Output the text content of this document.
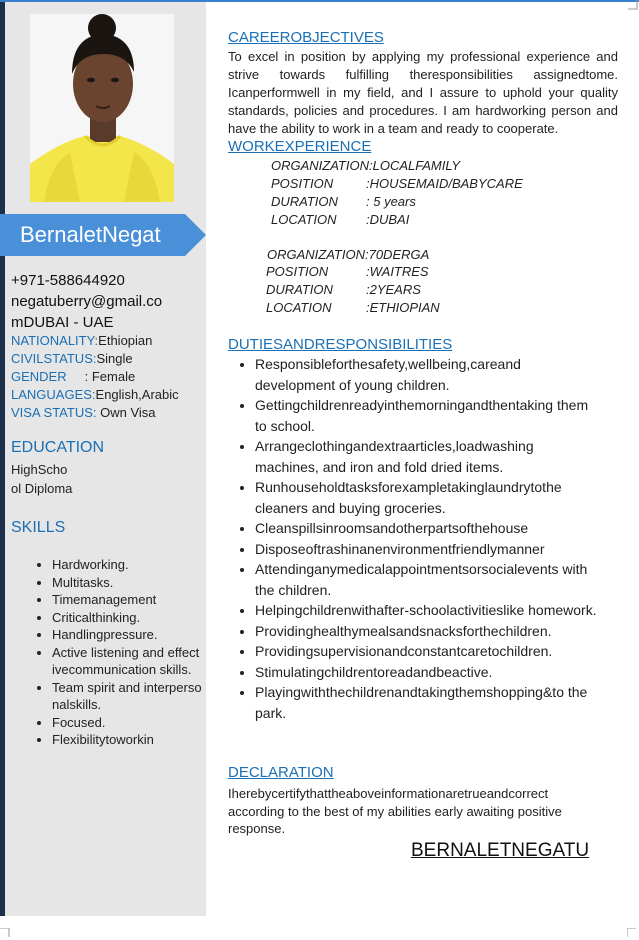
BernaletNegat
+971-588644920
negatuberry@gmail.co
mDUBAI - UAE
NATIONALITY:Ethiopian
CIVILSTATUS:Single
GENDER : Female
LANGUAGES:English,Arabic
VISA STATUS: Own Visa
EDUCATION
HighScho
ol Diploma
SKILLS
• Hardworking.
• Multitasks.
• Timemanagement
• Criticalthinking.
• Handlingpressure.
• Active listening and effectivecommunication skills.
• Team spirit and interpersonalskills.
• Focused.
• Flexibilitytoworkin
CAREEROBJECTIVES
To excel in position by applying my professional experience and strive towards fulfilling theresponsibilities assignedtome. Icanperformwell in my field, and I assure to uphold your quality standards, policies and procedures. I am hardworking person and have the ability to work in a team and ready to cooperate.
WORKEXPERIENCE
ORGANIZATION:LOCALFAMILY
POSITION	:HOUSEMAID/BABYCARE
DURATION : 5 years
LOCATION :DUBAI
ORGANIZATION:70DERGA
POSITION	:WAITRES
DURATION	:2YEARS
LOCATION	:ETHIOPIAN
DUTIESANDRESPONSIBILITIES
• Responsibleforthesafety,wellbeing,careand development of young children.
• Gettingchildrenreadyinthemorningandthentaking them to school.
• Arrangeclothingandextraarticles,loadwashing machines, and iron and fold dried items.
• Runhouseholdtasksforexampletakinglaundrytothe cleaners and buying groceries.
• Cleanspillsinroomsandotherpartsofthehouse
• Disposeoftrashinanenvironmentfriendlymanner
• Attendinganymedicalappointmentsorsocialevents with the children.
• Helpingchildrenwithafter-schoolactivitieslike homework.
• Providinghealthymealsandsnacksforthechildren.
• Providingsupervisionandconstantcaretochildren.
• Stimulatingchildrentoreadandbeactive.
• Playingwiththechildrenandtakingthemshopping&to the park.
DECLARATION
Iherebycertifythattheaboveinformationaretrueandcorrect according to the best of my abilities early awaiting positive response.
BERNALETNEGATU
